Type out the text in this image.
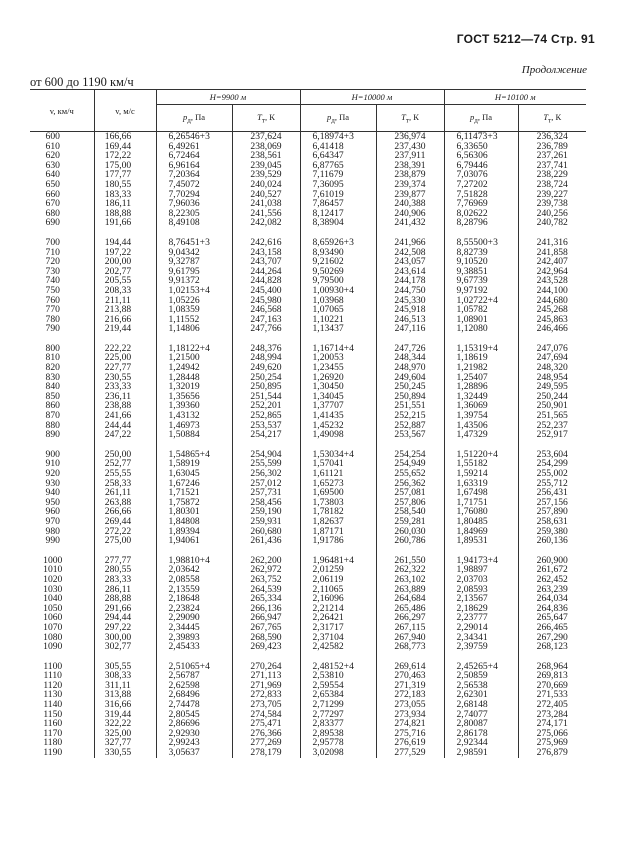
ГОСТ 5212—74 Стр. 91
Продолжение
от 600 до 1190 км/ч
v, км/ч	v, м/с	H=9900 м		H=10000 м		H=10100 м	
		$p_д$, Па	$T_т$, К	$p_д$, Па	$T_т$, К	$p_д$, Па	$T_т$, К
600	166,66	6,26546+3	237,624	6,18974+3	236,974	6,11473+3	236,324
610	169,44	6,49261	238,069	6,41418	237,430	6,33650	236,789
620	172,22	6,72464	238,561	6,64347	237,911	6,56306	237,261
630	175,00	6,96164	239,045	6,87765	238,391	6,79446	237,741
640	177,77	7,20364	239,529	7,11679	238,879	7,03076	238,229
650	180,55	7,45072	240,024	7,36095	239,374	7,27202	238,724
660	183,33	7,70294	240,527	7,61019	239,877	7,51828	239,227
670	186,11	7,96036	241,038	7,86457	240,388	7,76969	239,738
680	188,88	8,22305	241,556	8,12417	240,906	8,02622	240,256
690	191,66	8,49108	242,082	8,38904	241,432	8,28796	240,782

700	194,44	8,76451+3	242,616	8,65926+3	241,966	8,55500+3	241,316
710	197,22	9,04342	243,158	8,93490	242,508	8,82739	241,858
720	200,00	9,32787	243,707	9,21602	243,057	9,10520	242,407
730	202,77	9,61795	244,264	9,50269	243,614	9,38851	242,964
740	205,55	9,91372	244,828	9,79500	244,178	9,67739	243,528
750	208,33	1,02153+4	245,400	1,00930+4	244,750	9,97192	244,100
760	211,11	1,05226	245,980	1,03968	245,330	1,02722+4	244,680
770	213,88	1,08359	246,568	1,07065	245,918	1,05782	245,268
780	216,66	1,11552	247,163	1,10221	246,513	1,08901	245,863
790	219,44	1,14806	247,766	1,13437	247,116	1,12080	246,466

800	222,22	1,18122+4	248,376	1,16714+4	247,726	1,15319+4	247,076
810	225,00	1,21500	248,994	1,20053	248,344	1,18619	247,694
820	227,77	1,24942	249,620	1,23455	248,970	1,21982	248,320
830	230,55	1,28448	250,254	1,26920	249,604	1,25407	248,954
840	233,33	1,32019	250,895	1,30450	250,245	1,28896	249,595
850	236,11	1,35656	251,544	1,34045	250,894	1,32449	250,244
860	238,88	1,39360	252,201	1,37707	251,551	1,36069	250,901
870	241,66	1,43132	252,865	1,41435	252,215	1,39754	251,565
880	244,44	1,46973	253,537	1,45232	252,887	1,43506	252,237
890	247,22	1,50884	254,217	1,49098	253,567	1,47329	252,917

900	250,00	1,54865+4	254,904	1,53034+4	254,254	1,51220+4	253,604
910	252,77	1,58919	255,599	1,57041	254,949	1,55182	254,299
920	255,55	1,63045	256,302	1,61121	255,652	1,59214	255,002
930	258,33	1,67246	257,012	1,65273	256,362	1,63319	255,712
940	261,11	1,71521	257,731	1,69500	257,081	1,67498	256,431
950	263,88	1,75872	258,456	1,73803	257,806	1,71751	257,156
960	266,66	1,80301	259,190	1,78182	258,540	1,76080	257,890
970	269,44	1,84808	259,931	1,82637	259,281	1,80485	258,631
980	272,22	1,89394	260,680	1,87171	260,030	1,84969	259,380
990	275,00	1,94061	261,436	1,91786	260,786	1,89531	260,136

1000	277,77	1,98810+4	262,200	1,96481+4	261,550	1,94173+4	260,900
1010	280,55	2,03642	262,972	2,01259	262,322	1,98897	261,672
1020	283,33	2,08558	263,752	2,06119	263,102	2,03703	262,452
1030	286,11	2,13559	264,539	2,11065	263,889	2,08593	263,239
1040	288,88	2,18648	265,334	2,16096	264,684	2,13567	264,034
1050	291,66	2,23824	266,136	2,21214	265,486	2,18629	264,836
1060	294,44	2,29090	266,947	2,26421	266,297	2,23777	265,647
1070	297,22	2,34445	267,765	2,31717	267,115	2,29014	266,465
1080	300,00	2,39893	268,590	2,37104	267,940	2,34341	267,290
1090	302,77	2,45433	269,423	2,42582	268,773	2,39759	268,123

1100	305,55	2,51065+4	270,264	2,48152+4	269,614	2,45265+4	268,964
1110	308,33	2,56787	271,113	2,53810	270,463	2,50859	269,813
1120	311,11	2,62598	271,969	2,59554	271,319	2,56538	270,669
1130	313,88	2,68496	272,833	2,65384	272,183	2,62301	271,533
1140	316,66	2,74478	273,705	2,71299	273,055	2,68148	272,405
1150	319,44	2,80545	274,584	2,77297	273,934	2,74077	273,284
1160	322,22	2,86696	275,471	2,83377	274,821	2,80087	274,171
1170	325,00	2,92930	276,366	2,89538	275,716	2,86178	275,066
1180	327,77	2,99243	277,269	2,95778	276,619	2,92344	275,969
1190	330,55	3,05637	278,179	3,02098	277,529	2,98591	276,879
